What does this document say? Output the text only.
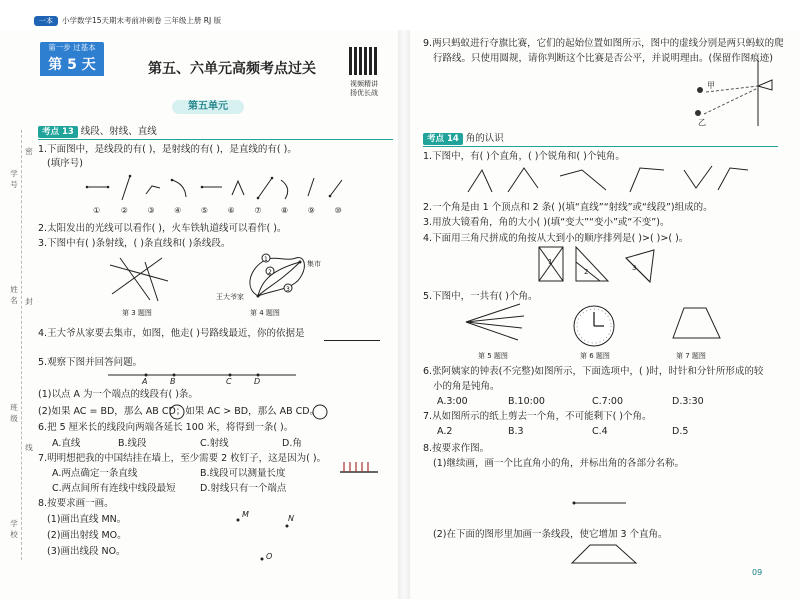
一本	小学数学15天期末考前冲刺卷 三年级上册 RJ 版
学号
密
姓名 封
班级
线
学校
第一步 过基本
第 5 天	第五、六单元高频考点过关
视频精讲
扬优长战
第五单元
考点 13 线段、射线、直线
1.下面图中，是线段的有( )，是射线的有( )，是直线的有( )。
(填序号)
①	② ③ ④ ⑤ ⑥ ⑦ ⑧ ⑨ ⑩
2.太阳发出的光线可以看作( )，火车铁轨道线可以看作( )。
3.下图中有( )条射线，( )条直线和( )条线段。
1
2
3
集市
王大爷家
第 3 题图	第 4 题图
4.王大爷从家要去集市，如图，他走( )号路线最近，你的依据是
5.观察下图并回答问题。
A	B	C	D
(1)以点 A 为一个端点的线段有( )条。
(2)如果 AC = BD，那么 AB CD；如果 AC > BD，那么 AB CD。
6.把 5 厘米长的线段向两端各延长 100 米，将得到一条( )。
A.直线	B.线段	C.射线	D.角
7.明明想把我的中国结挂在墙上，至少需要 2 枚钉子，这是因为( )。
A.两点确定一条直线	B.线段可以测量长度
C.两点间所有连线中线段最短	D.射线只有一个端点
8.按要求画一画。
(1)画出直线 MN。
(2)画出射线 MO。
(3)画出线段 NO。
M	N
O
9.两只蚂蚁进行夺旗比赛，它们的起始位置如图所示，图中的虚线分别是两只蚂蚁的爬
行路线。只使用圆规，请你判断这个比赛是否公平，并说明理由。(保留作图痕迹)
甲
乙
考点 14 角的认识
1.下图中，有( )个直角，( )个锐角和( )个钝角。
2.一个角是由 1 个顶点和 2 条( )(填“直线”“射线”或“线段”)组成的。
3.用放大镜看角，角的大小( )(填“变大”“变小”或“不变”)。
4.下面用三角尺拼成的角按从大到小的顺序排列是( )>( )>( )。
1
2	3
5.下图中，一共有( )个角。
第 5 题图	第 6 题图	第 7 题图
6.张阿姨家的钟表(不完整)如图所示，下面选项中，( )时，时针和分针所形成的较
小的角是钝角。
A.3:00	B.10:00	C.7:00	D.3:30
7.从如图所示的纸上剪去一个角，不可能剩下( )个角。
A.2	B.3	C.4	D.5
8.按要求作图。
(1)继续画，画一个比直角小的角，并标出角的各部分名称。
(2)在下面的图形里加画一条线段，使它增加 3 个直角。
09
